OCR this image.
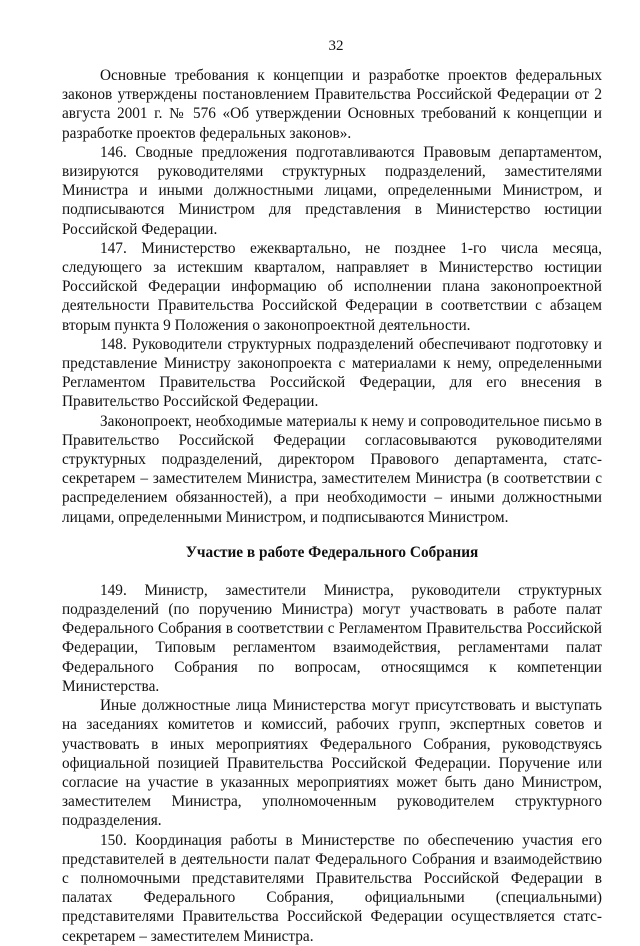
32

Основные требования к концепции и разработке проектов федеральных законов утверждены постановлением Правительства Российской Федерации от 2 августа 2001 г. № 576 «Об утверждении Основных требований к концепции и разработке проектов федеральных законов».

146. Сводные предложения подготавливаются Правовым департаментом, визируются руководителями структурных подразделений, заместителями Министра и иными должностными лицами, определенными Министром, и подписываются Министром для представления в Министерство юстиции Российской Федерации.

147. Министерство ежеквартально, не позднее 1-го числа месяца, следующего за истекшим кварталом, направляет в Министерство юстиции Российской Федерации информацию об исполнении плана законопроектной деятельности Правительства Российской Федерации в соответствии с абзацем вторым пункта 9 Положения о законопроектной деятельности.

148. Руководители структурных подразделений обеспечивают подготовку и представление Министру законопроекта с материалами к нему, определенными Регламентом Правительства Российской Федерации, для его внесения в Правительство Российской Федерации.

Законопроект, необходимые материалы к нему и сопроводительное письмо в Правительство Российской Федерации согласовываются руководителями структурных подразделений, директором Правового департамента, статс-секретарем – заместителем Министра, заместителем Министра (в соответствии с распределением обязанностей), а при необходимости – иными должностными лицами, определенными Министром, и подписываются Министром.

Участие в работе Федерального Собрания

149. Министр, заместители Министра, руководители структурных подразделений (по поручению Министра) могут участвовать в работе палат Федерального Собрания в соответствии с Регламентом Правительства Российской Федерации, Типовым регламентом взаимодействия, регламентами палат Федерального Собрания по вопросам, относящимся к компетенции Министерства.

Иные должностные лица Министерства могут присутствовать и выступать на заседаниях комитетов и комиссий, рабочих групп, экспертных советов и участвовать в иных мероприятиях Федерального Собрания, руководствуясь официальной позицией Правительства Российской Федерации. Поручение или согласие на участие в указанных мероприятиях может быть дано Министром, заместителем Министра, уполномоченным руководителем структурного подразделения.

150. Координация работы в Министерстве по обеспечению участия его представителей в деятельности палат Федерального Собрания и взаимодействию с полномочными представителями Правительства Российской Федерации в палатах Федерального Собрания, официальными (специальными) представителями Правительства Российской Федерации осуществляется статс-секретарем – заместителем Министра.
